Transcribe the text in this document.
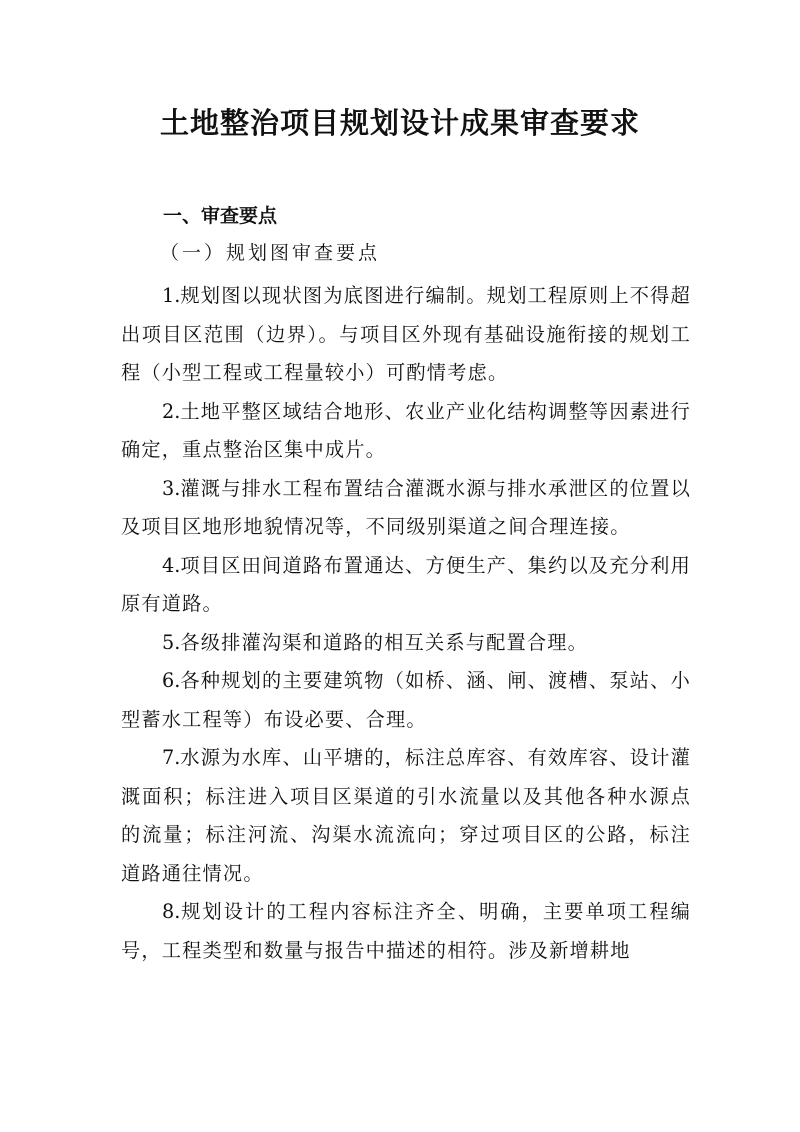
土地整治项目规划设计成果审查要求
一、审查要点
（一）规划图审查要点

1.规划图以现状图为底图进行编制。规划工程原则上不得超出项目区范围（边界）。与项目区外现有基础设施衔接的规划工程（小型工程或工程量较小）可酌情考虑。

2.土地平整区域结合地形、农业产业化结构调整等因素进行确定，重点整治区集中成片。

3.灌溉与排水工程布置结合灌溉水源与排水承泄区的位置以及项目区地形地貌情况等，不同级别渠道之间合理连接。

4.项目区田间道路布置通达、方便生产、集约以及充分利用原有道路。

5.各级排灌沟渠和道路的相互关系与配置合理。

6.各种规划的主要建筑物（如桥、涵、闸、渡槽、泵站、小型蓄水工程等）布设必要、合理。

7.水源为水库、山平塘的，标注总库容、有效库容、设计灌溉面积；标注进入项目区渠道的引水流量以及其他各种水源点的流量；标注河流、沟渠水流流向；穿过项目区的公路，标注道路通往情况。

8.规划设计的工程内容标注齐全、明确，主要单项工程编号，工程类型和数量与报告中描述的相符。涉及新增耕地
